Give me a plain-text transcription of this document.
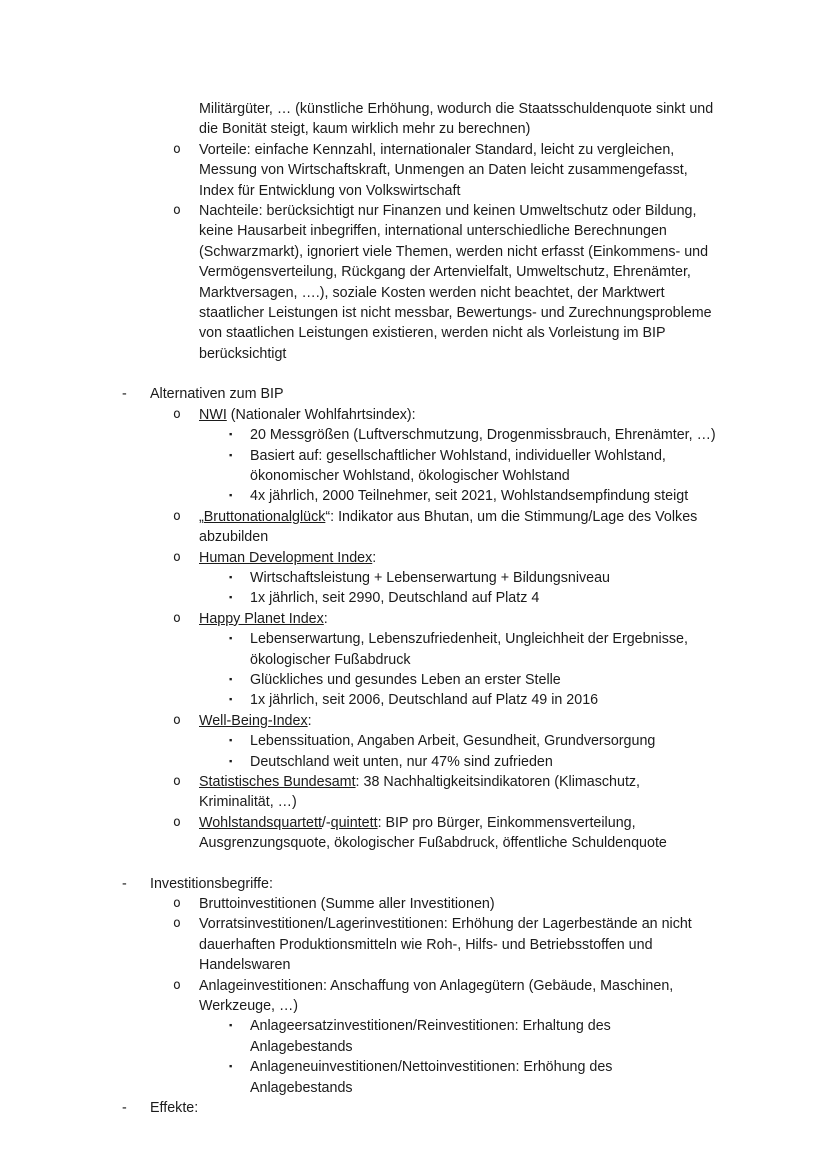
Militärgüter, … (künstliche Erhöhung, wodurch die Staatsschuldenquote sinkt und die Bonität steigt, kaum wirklich mehr zu berechnen)
o Vorteile: einfache Kennzahl, internationaler Standard, leicht zu vergleichen, Messung von Wirtschaftskraft, Unmengen an Daten leicht zusammengefasst, Index für Entwicklung von Volkswirtschaft
o Nachteile: berücksichtigt nur Finanzen und keinen Umweltschutz oder Bildung, keine Hausarbeit inbegriffen, international unterschiedliche Berechnungen (Schwarzmarkt), ignoriert viele Themen, werden nicht erfasst (Einkommens- und Vermögensverteilung, Rückgang der Artenvielfalt, Umweltschutz, Ehrenämter, Marktversagen, ….), soziale Kosten werden nicht beachtet, der Marktwert staatlicher Leistungen ist nicht messbar, Bewertungs- und Zurechnungsprobleme von staatlichen Leistungen existieren, werden nicht als Vorleistung im BIP berücksichtigt
- Alternativen zum BIP
o NWI (Nationaler Wohlfahrtsindex):
▪ 20 Messgrößen (Luftverschmutzung, Drogenmissbrauch, Ehrenämter, …)
▪ Basiert auf: gesellschaftlicher Wohlstand, individueller Wohlstand, ökonomischer Wohlstand, ökologischer Wohlstand
▪ 4x jährlich, 2000 Teilnehmer, seit 2021, Wohlstandsempfindung steigt
o „Bruttonationalglück“: Indikator aus Bhutan, um die Stimmung/Lage des Volkes abzubilden
o Human Development Index:
▪ Wirtschaftsleistung + Lebenserwartung + Bildungsniveau
▪ 1x jährlich, seit 2990, Deutschland auf Platz 4
o Happy Planet Index:
▪ Lebenserwartung, Lebenszufriedenheit, Ungleichheit der Ergebnisse, ökologischer Fußabdruck
▪ Glückliches und gesundes Leben an erster Stelle
▪ 1x jährlich, seit 2006, Deutschland auf Platz 49 in 2016
o Well-Being-Index:
▪ Lebenssituation, Angaben Arbeit, Gesundheit, Grundversorgung
▪ Deutschland weit unten, nur 47% sind zufrieden
o Statistisches Bundesamt: 38 Nachhaltigkeitsindikatoren (Klimaschutz, Kriminalität, …)
o Wohlstandsquartett/-quintett: BIP pro Bürger, Einkommensverteilung, Ausgrenzungsquote, ökologischer Fußabdruck, öffentliche Schuldenquote
- Investitionsbegriffe:
o Bruttoinvestitionen (Summe aller Investitionen)
o Vorratsinvestitionen/Lagerinvestitionen: Erhöhung der Lagerbestände an nicht dauerhaften Produktionsmitteln wie Roh-, Hilfs- und Betriebsstoffen und Handelswaren
o Anlageinvestitionen: Anschaffung von Anlagegütern (Gebäude, Maschinen, Werkzeuge, …)
▪ Anlageersatzinvestitionen/Reinvestitionen: Erhaltung des Anlagebestands
▪ Anlageneuinvestitionen/Nettoinvestitionen: Erhöhung des Anlagebestands
- Effekte:
